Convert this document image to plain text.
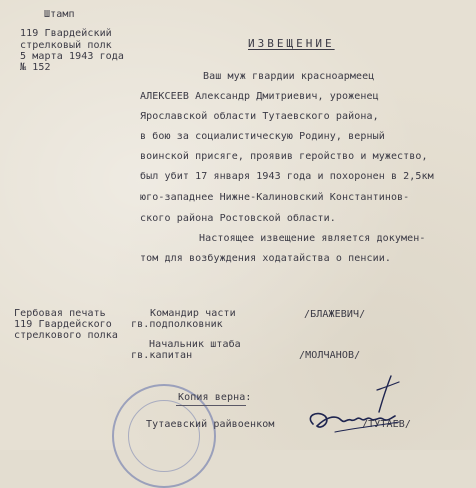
Штамп
119 Гвардейский
стрелковый полк
5 марта 1943 года
№ 152
ИЗВЕЩЕНИЕ
Ваш муж гвардии красноармеец
АЛЕКСЕЕВ Александр Дмитриевич, уроженец
Ярославской области Тутаевского района,
в бою за социалистическую Родину, верный
воинской присяге, проявив геройство и мужество,
был убит 17 января 1943 года и похоронен в 2,5км
юго-западнее Нижне-Калиновский Константинов-
ского района Ростовской области.
Настоящее извещение является докумен-
том для возбуждения ходатайства о пенсии.
Гербовая печать
119 Гвардейского
стрелкового полка
Командир части
гв.подполковник
/БЛАЖЕВИЧ/
Начальник штаба
гв.капитан	/МОЛЧАНОВ/
Копия верна:
Тутаевский райвоенком	/ТУТАЕВ/
